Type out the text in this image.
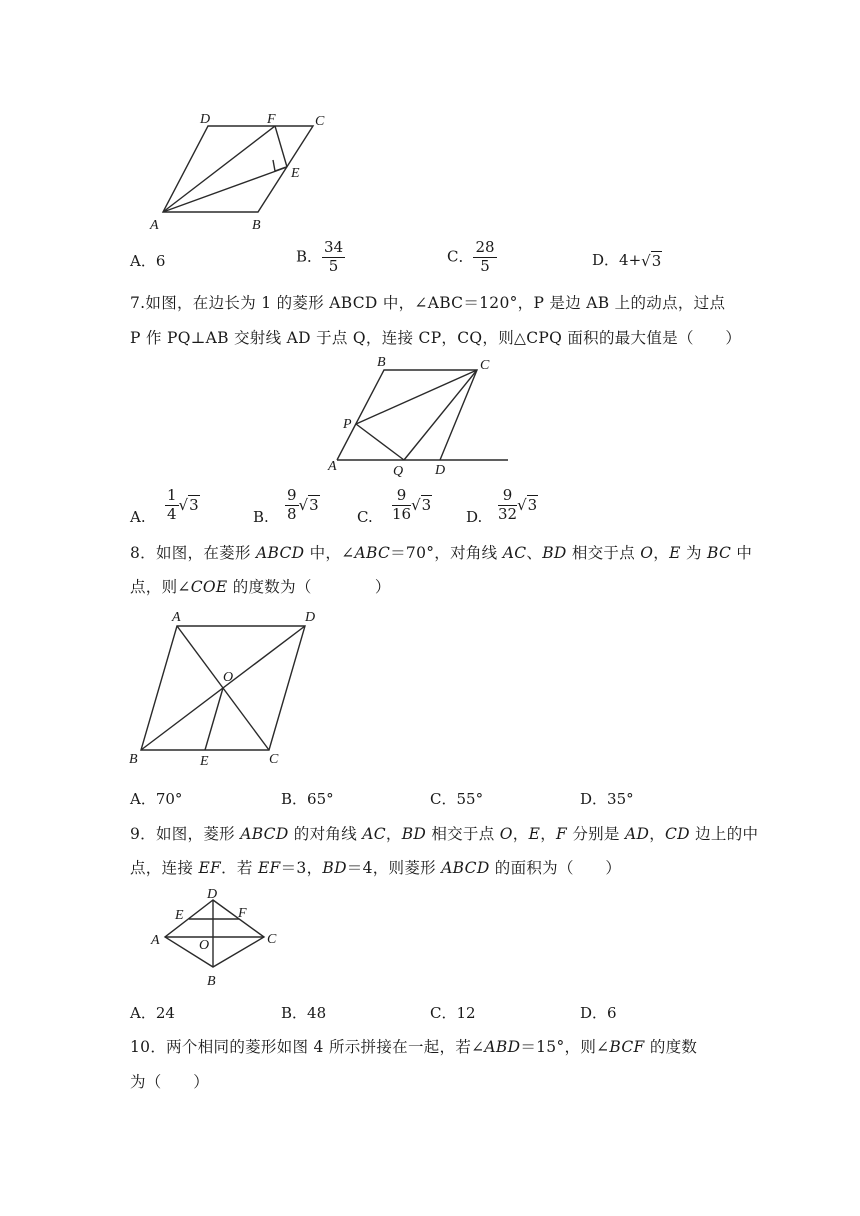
D	F	C
E
A	B
A．6	B． $\frac{34}{5}$	C． $\frac{28}{5}$	D．4+√3
7.如图，在边长为 1 的菱形 ABCD 中，∠ABC＝120°，P 是边 AB 上的动点，过点
P 作 PQ⊥AB 交射线 AD 于点 Q，连接 CP，CQ，则△CPQ 面积的最大值是（　　）
B	C
P
A	Q D
A. $\frac{1}{4} √3$
B. $\frac{9}{8} √3$
C. $\frac{9}{16} √3$
D. $\frac{9}{32} √3$
8．如图，在菱形 ABCD 中，∠ABC＝70°，对角线 AC、BD 相交于点 O，E 为 BC 中
点，则∠COE 的度数为（　　　　）
A	D
O
B	E	C
A．70°	B．65°	C．55°	D．35°
9．如图，菱形 ABCD 的对角线 AC，BD 相交于点 O，E，F 分别是 AD，CD 边上的中
点，连接 EF．若 EF＝3，BD＝4，则菱形 ABCD 的面积为（　　）
D
E	F
A	O	C
B
A．24	B．48	C．12	D．6
10．两个相同的菱形如图 4 所示拼接在一起，若∠ABD＝15°，则∠BCF 的度数
为（　　）
